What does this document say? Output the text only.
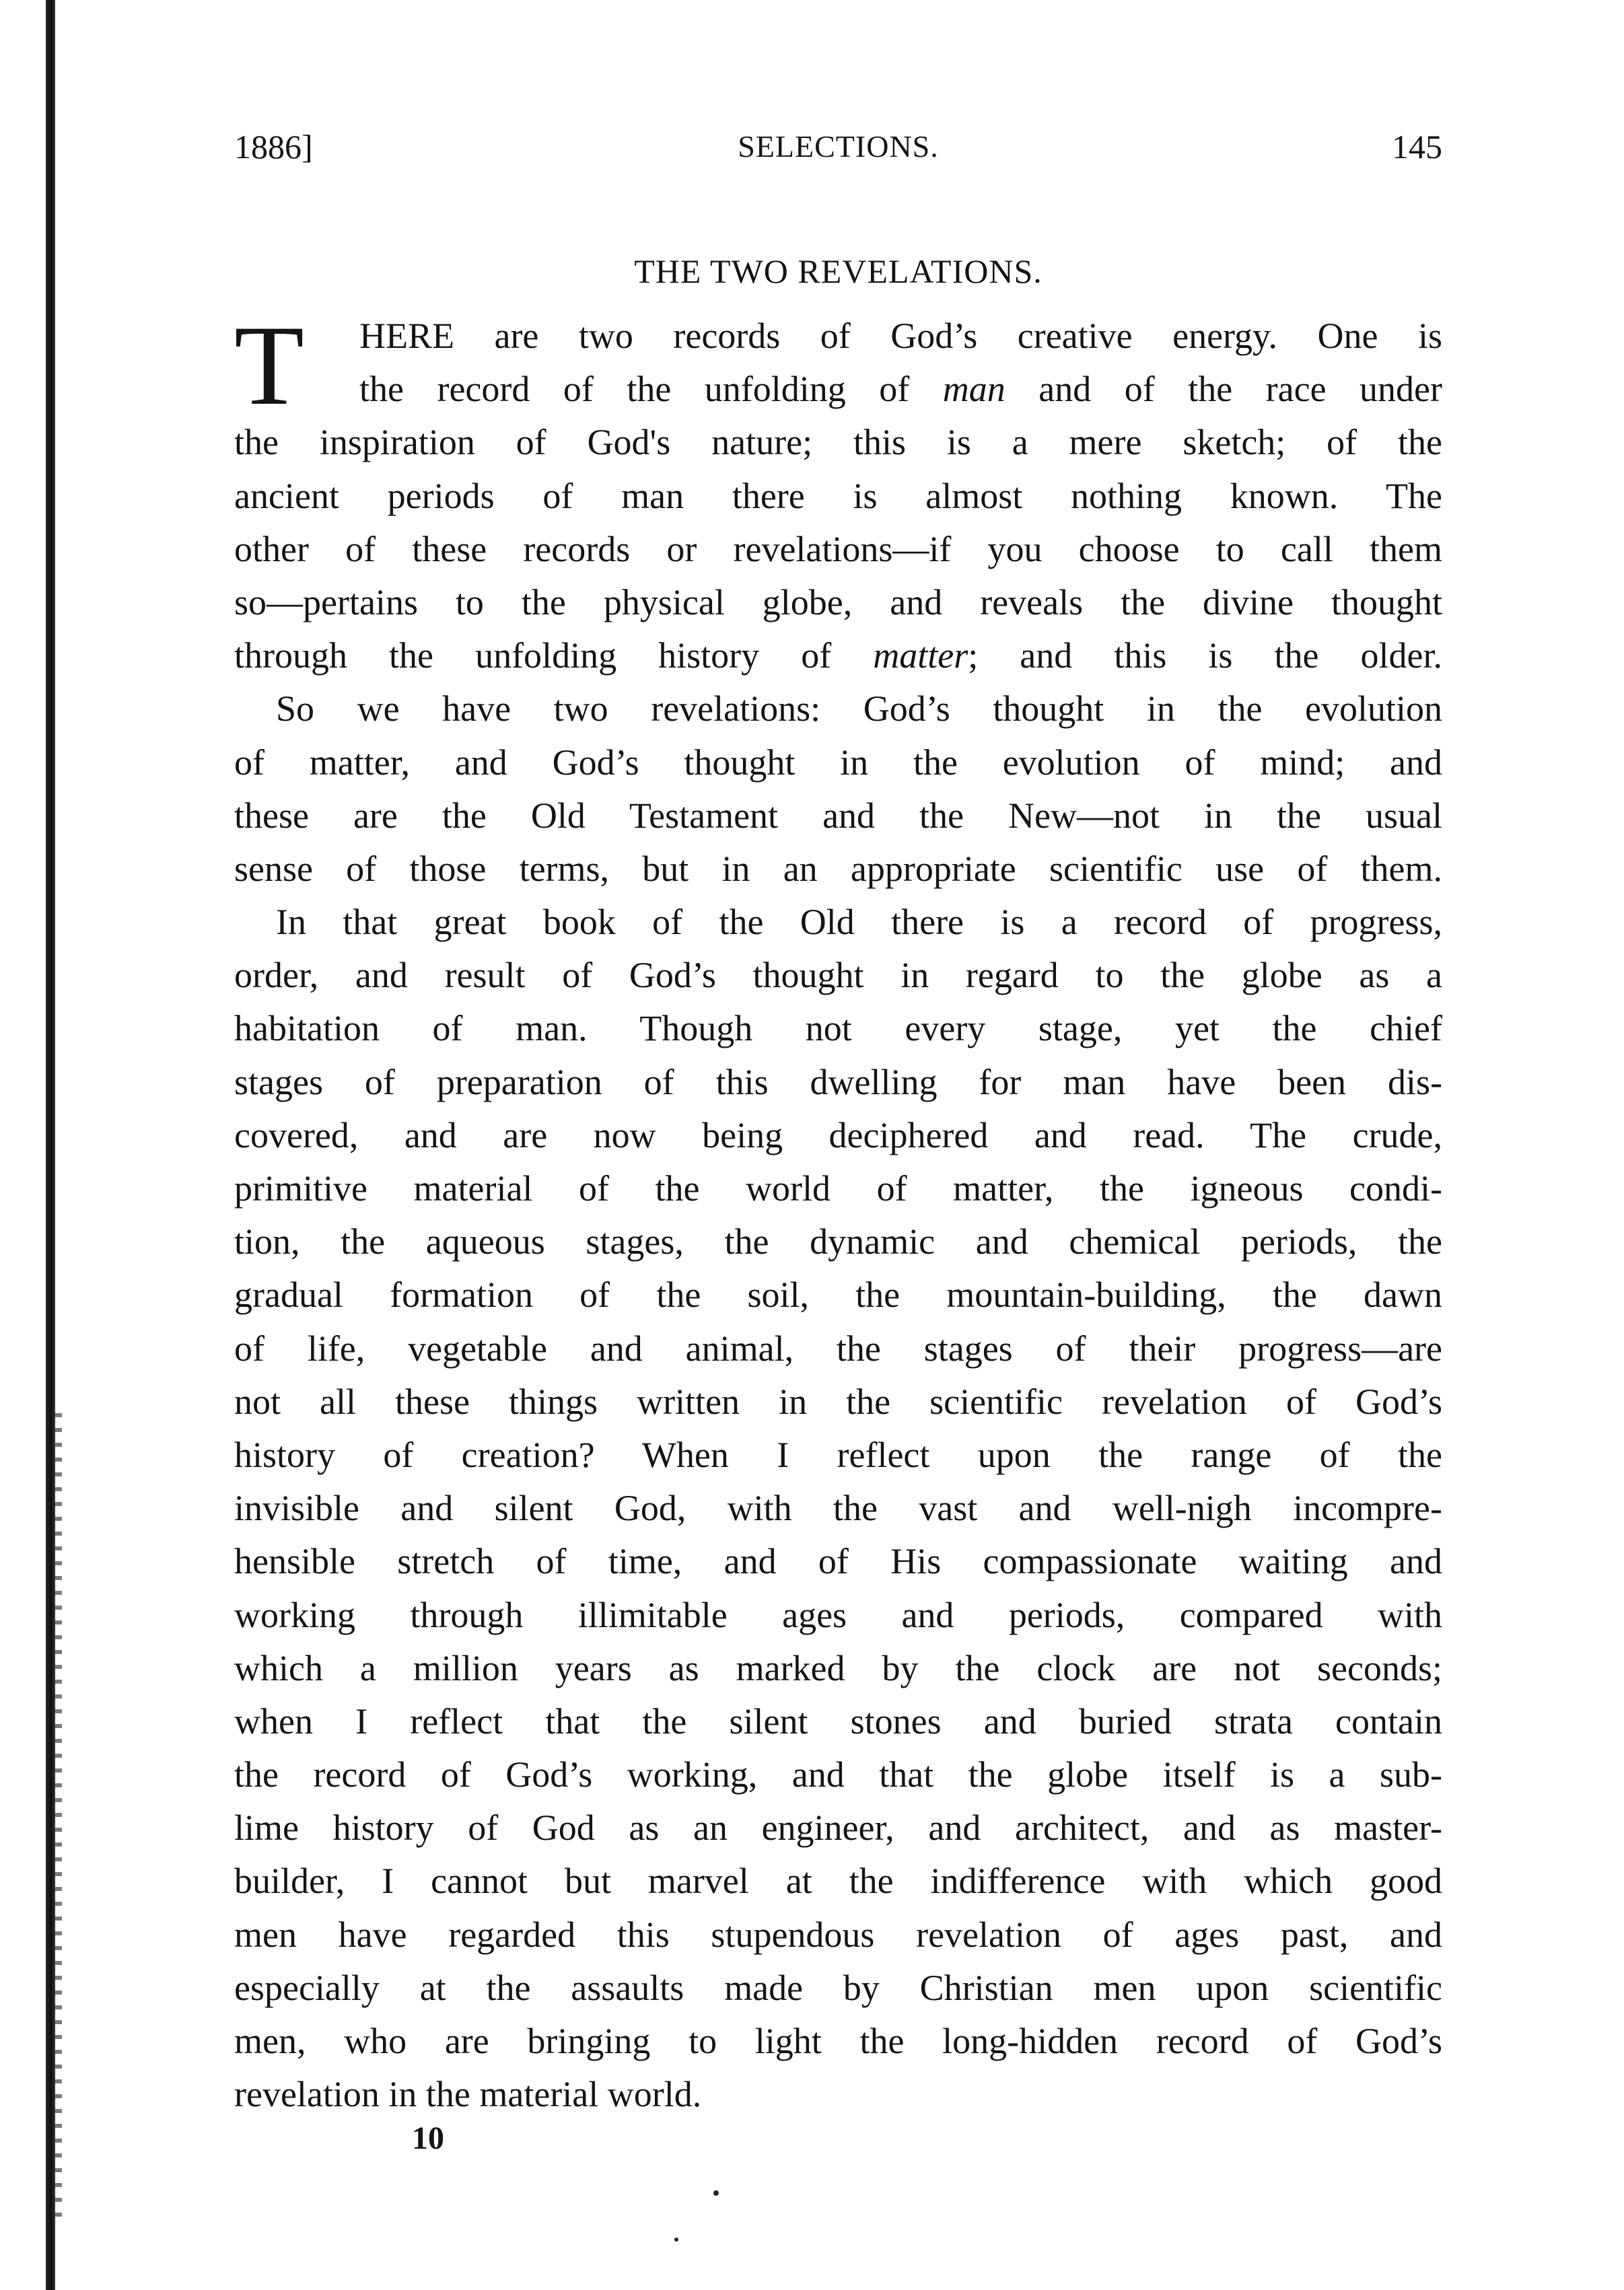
1886]	SELECTIONS.	145
THE TWO REVELATIONS.
T	HERE are two records of God’s creative energy. One is
the record of the unfolding of man and of the race under
the inspiration of God's nature; this is a mere sketch; of the
ancient periods of man there is almost nothing known. The
other of these records or revelations—if you choose to call them
so—pertains to the physical globe, and reveals the divine thought
through the unfolding history of matter; and this is the older.
So we have two revelations: God’s thought in the evolution
of matter, and God’s thought in the evolution of mind; and
these are the Old Testament and the New—not in the usual
sense of those terms, but in an appropriate scientific use of them.
In that great book of the Old there is a record of progress,
order, and result of God’s thought in regard to the globe as a
habitation of man. Though not every stage, yet the chief
stages of preparation of this dwelling for man have been dis-
covered, and are now being deciphered and read. The crude,
primitive material of the world of matter, the igneous condi-
tion, the aqueous stages, the dynamic and chemical periods, the
gradual formation of the soil, the mountain-building, the dawn
of life, vegetable and animal, the stages of their progress—are
not all these things written in the scientific revelation of God’s
history of creation? When I reflect upon the range of the
invisible and silent God, with the vast and well-nigh incompre-
hensible stretch of time, and of His compassionate waiting and
working through illimitable ages and periods, compared with
which a million years as marked by the clock are not seconds;
when I reflect that the silent stones and buried strata contain
the record of God’s working, and that the globe itself is a sub-
lime history of God as an engineer, and architect, and as master-
builder, I cannot but marvel at the indifference with which good
men have regarded this stupendous revelation of ages past, and
especially at the assaults made by Christian men upon scientific
men, who are bringing to light the long-hidden record of God’s
revelation in the material world.
10
